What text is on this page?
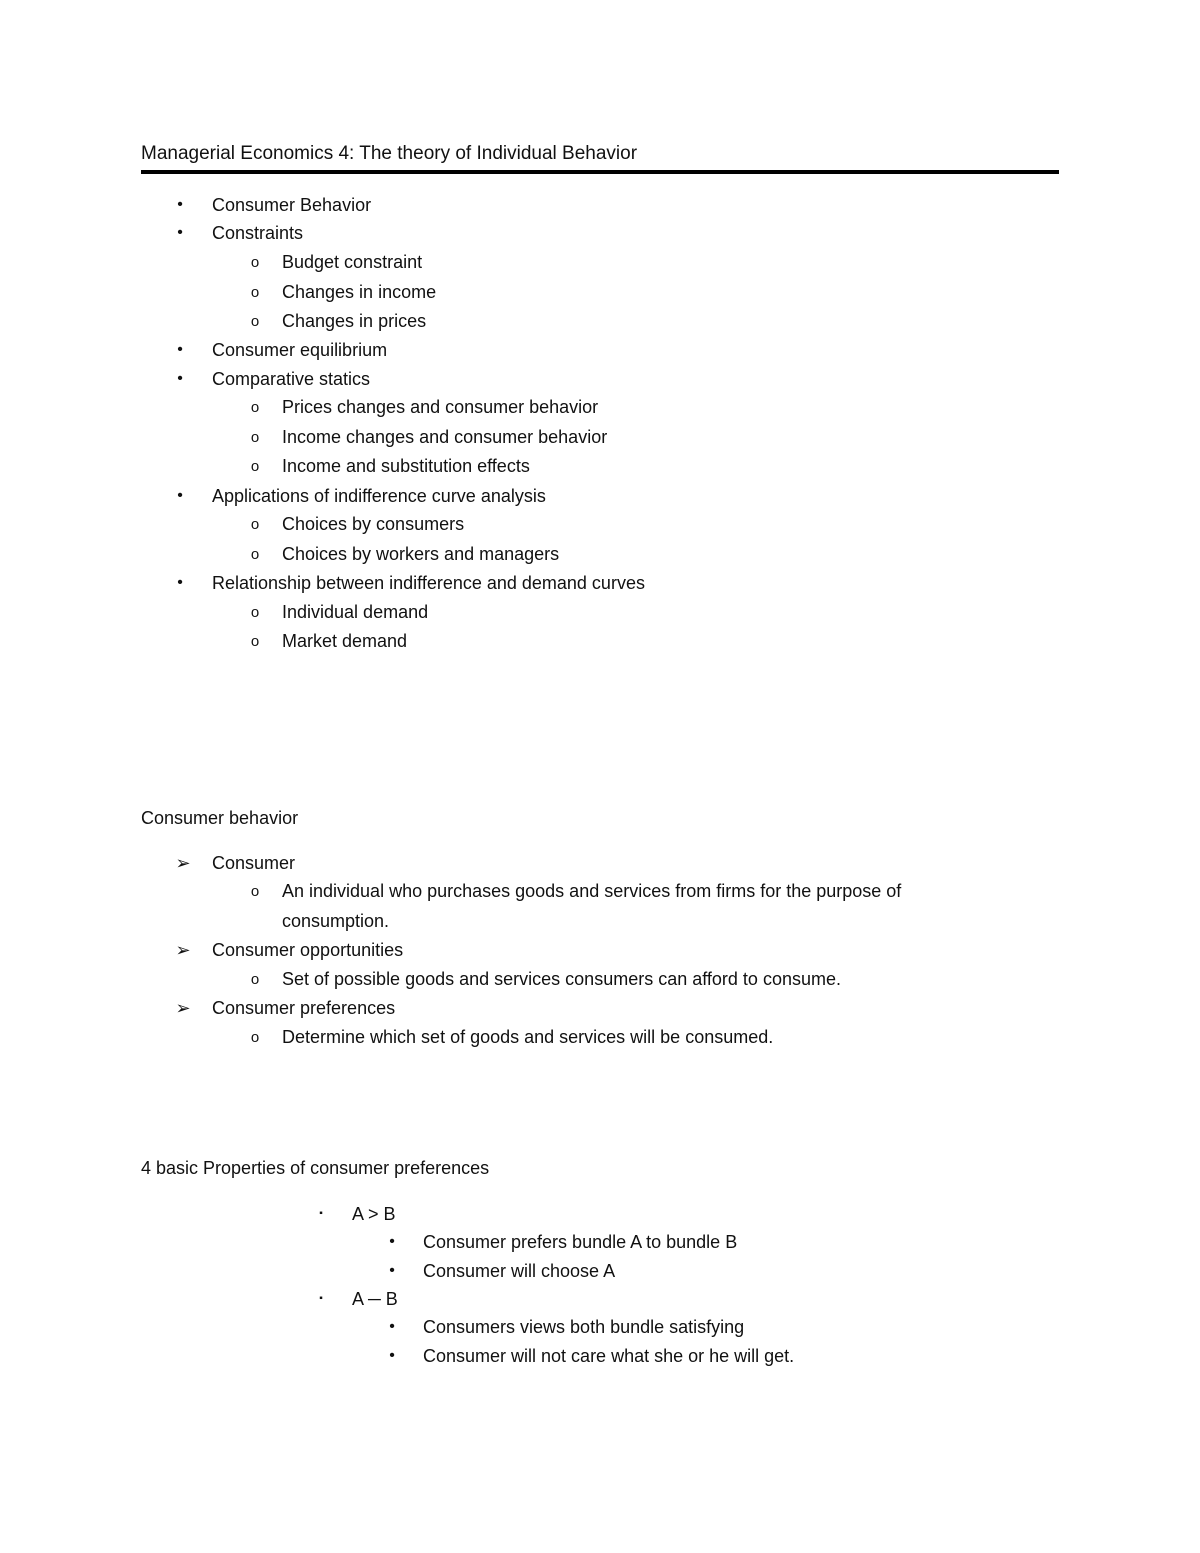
Managerial Economics 4: The theory of Individual Behavior
•	Consumer Behavior
•	Constraints
o	Budget constraint
o	Changes in income
o	Changes in prices
•	Consumer equilibrium
•	Comparative statics
o	Prices changes and consumer behavior
o	Income changes and consumer behavior
o	Income and substitution effects
•	Applications of indifference curve analysis
o	Choices by consumers
o	Choices by workers and managers
•	Relationship between indifference and demand curves
o	Individual demand
o	Market demand
Consumer behavior
➢ Consumer
o	An individual who purchases goods and services from firms for the purpose of
consumption.
➢ Consumer opportunities
o	Set of possible goods and services consumers can afford to consume.
➢ Consumer preferences
o	Determine which set of goods and services will be consumed.
4 basic Properties of consumer preferences
▪	A > B
•	Consumer prefers bundle A to bundle B
•	Consumer will choose A
▪	A ─ B
•	Consumers views both bundle satisfying
•	Consumer will not care what she or he will get.
